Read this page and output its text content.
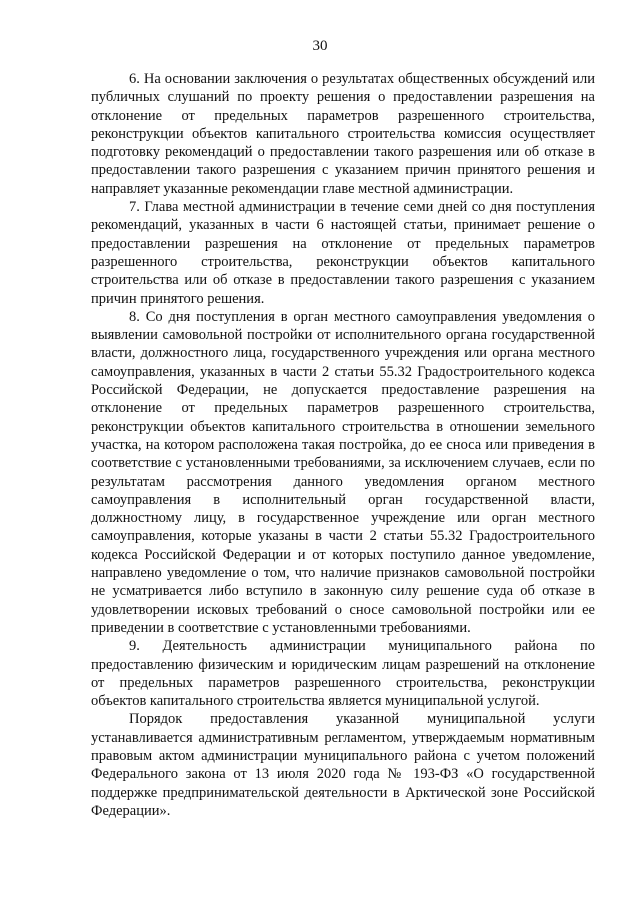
30

6. На основании заключения о результатах общественных обсуждений или публичных слушаний по проекту решения о предоставлении разрешения на отклонение от предельных параметров разрешенного строительства, реконструкции объектов капитального строительства комиссия осуществляет подготовку рекомендаций о предоставлении такого разрешения или об отказе в предоставлении такого разрешения с указанием причин принятого решения и направляет указанные рекомендации главе местной администрации.

7. Глава местной администрации в течение семи дней со дня поступления рекомендаций, указанных в части 6 настоящей статьи, принимает решение о предоставлении разрешения на отклонение от предельных параметров разрешенного строительства, реконструкции объектов капитального строительства или об отказе в предоставлении такого разрешения с указанием причин принятого решения.

8. Со дня поступления в орган местного самоуправления уведомления о выявлении самовольной постройки от исполнительного органа государственной власти, должностного лица, государственного учреждения или органа местного самоуправления, указанных в части 2 статьи 55.32 Градостроительного кодекса Российской Федерации, не допускается предоставление разрешения на отклонение от предельных параметров разрешенного строительства, реконструкции объектов капитального строительства в отношении земельного участка, на котором расположена такая постройка, до ее сноса или приведения в соответствие с установленными требованиями, за исключением случаев, если по результатам рассмотрения данного уведомления органом местного самоуправления в исполнительный орган государственной власти, должностному лицу, в государственное учреждение или орган местного самоуправления, которые указаны в части 2 статьи 55.32 Градостроительного кодекса Российской Федерации и от которых поступило данное уведомление, направлено уведомление о том, что наличие признаков самовольной постройки не усматривается либо вступило в законную силу решение суда об отказе в удовлетворении исковых требований о сносе самовольной постройки или ее приведении в соответствие с установленными требованиями.

9. Деятельность администрации муниципального района по предоставлению физическим и юридическим лицам разрешений на отклонение от предельных параметров разрешенного строительства, реконструкции объектов капитального строительства является муниципальной услугой.

Порядок предоставления указанной муниципальной услуги устанавливается административным регламентом, утверждаемым нормативным правовым актом администрации муниципального района с учетом положений Федерального закона от 13 июля 2020 года № 193-ФЗ «О государственной поддержке предпринимательской деятельности в Арктической зоне Российской Федерации».
